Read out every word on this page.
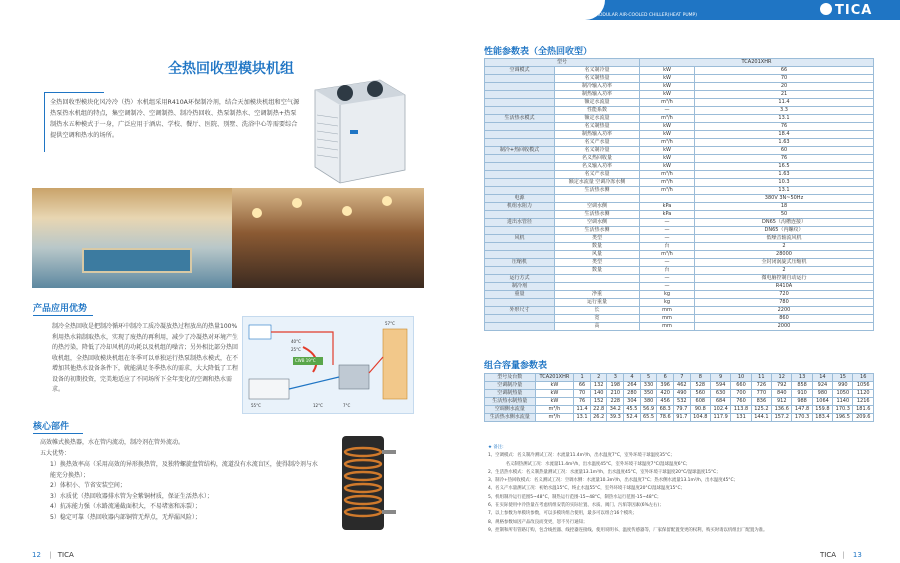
全热回收型模块机组
全热回收型模块化风冷冷（热）水机组采用R410A环保制冷剂，结合天加模块机组和空气源热泵热水机组的特点，集空调制冷、空调制热、制冷热回收、热泵制热水、空调制热+热泵制热水五种模式于一身，广泛应用于酒店、学校、餐厅、医院、别墅、洗浴中心等需要综合提供空调和热水的场所。
产品应用优势
制冷全热回收是把制冷循环中制冷工质冷凝放热过程放出的热量100%利用热水箱制取热水，实现了废热的再利用，减少了冷凝热对环境产生的热污染，降低了冷却风机的功耗以及机组的噪音；另外相比部分热回收机组，全热回收模块机组在冬季可以单独运行热泵制热水模式，在不增加其他热水设备条件下，就能满足冬季热水的需求，大大降低了工程设备的初期投资，完美地适应了不同场所下全年变化的空调和热水需求。
40°C
25°C
CWB 19°C
55°C	12°C	7°C
57°C
核心部件
高效帷式换热器，水在管内流动，制冷剂在管外流动。
五大优势：
1）换热效率高（采用高效的异形换热管，及独特螺旋盘管结构，流道没有水流盲区，使得制冷剂与水能充分换热）；
2）体积小、节省安装空间；
3）水质优（热回收器排水管为全紫铜材质，保证生活热水）；
4）抗冻能力强（水路流通截面积大，不易堵塞和冻裂）；
5）稳定可靠（热回收器内部铜管无焊点，无焊漏风险）；
12 | TICA
MODULAR AIR-COOLED CHILLER(HEAT PUMP)	TICA
性能参数表（全热回收型）
型号		TCA201XHR	
空调模式	名义制冷量	kW	66
	名义制热量	kW	70
	制冷输入功率	kW	20
	制热输入功率	kW	21
	额定水流量	m³/h	11.4
	性能系数	—	3.3
生活热水模式	额定水流量	m³/h	13.1
	名义制热量	kW	76
	制热输入功率	kW	18.4
	名义产水量	m³/h	1.63
制冷+热回收模式	名义制冷量	kW	60
	名义热回收量	kW	76
	名义输入功率	kW	16.5
	名义产水量	m³/h	1.63
	额定水流量 空调冷冻水侧	m³/h	10.3
	生活热水侧	m³/h	13.1
电源			380V 3N~50Hz
机组水阻力	空调水侧	kPa	18
	生活热水侧	kPa	50
进出水管径	空调水侧	—	DN65（沟槽连接）
	生活热水侧	—	DN65（内螺纹）
风机	类型	—	低噪音轴流风机
	数量	台	2
	风量	m³/h	28000
压缩机	类型	—	全封闭涡旋式压缩机
	数量	台	2
运行方式		—	微电脑控制自动运行
制冷剂		—	R410A
重量	净重	kg	720
	运行重量	kg	780
外形尺寸	长	mm	2200
	宽	mm	860
	高	mm	2000
组合容量参数表
型号及台数	TCA201XHR	1	2	3	4	5	6	7	8	9	10	11	12	13	14	15	16
空调制冷量	kW	66	132	198	264	330	396	462	528	594	660	726	792	858	924	990	1056
空调制热量	kW	70	140	210	280	350	420	490	560	630	700	770	840	910	980	1050	1120
生活热水制热量	kW	76	152	228	304	380	456	532	608	684	760	836	912	988	1064	1140	1216
空调侧水流量	m³/h	11.4	22.8	34.2	45.5	56.9	68.3	79.7	90.8	102.4	113.8	125.2	136.6	147.8	159.8	170.3	181.6
生活热水侧水流量	m³/h	13.1	26.2	39.3	52.4	65.5	78.6	91.7	104.8	117.9	131	144.1	157.2	170.3	183.4	196.5	209.6
★ 备注:
1、空调模式：名义制冷测试工况：水流量11.4m³/h，出水温度7°C，室外环境干球温度35°C；
　　　　名义制热测试工况：水流量11.4m³/h，出水温度45°C，室外环境干球温度7°C/湿球温度6°C；
2、生活热水模式：名义制热量测试工况：水流量13.1m³/h，出水温度45°C，室外环境干球温度20°C/湿球温度15°C；
3、制冷+热回收模式：名义测试工况：空调水侧：水流量10.3m³/h，出水温度7°C；热水侧水流量13.1m³/h，出水温度45°C；
4、名义产水量测试工况：初始水温15°C，终止水温55°C，室外环境干球温度20°C/湿球温度15°C；
5、机组制冷运行范围5~48°C，制热运行范围-15~48°C，制热水运行范围-15~48°C；
6、在实际使用中冷热量在考虑机组安装的实际位置、水质、阀门、污垢等因素(6%左右)；
7、以上参数为单模块参数，可以多模块组合使用，最多可以组合16个模块；
8、规格参数如因产品改良而变更，恕不另行通知；
9、控制和所有管路订购，包含线控器、线控器连接线、使用说明书、温度传感器等，厂家保留配置变更的权利，购买时请以机组出厂配置为准。
TICA | 13
